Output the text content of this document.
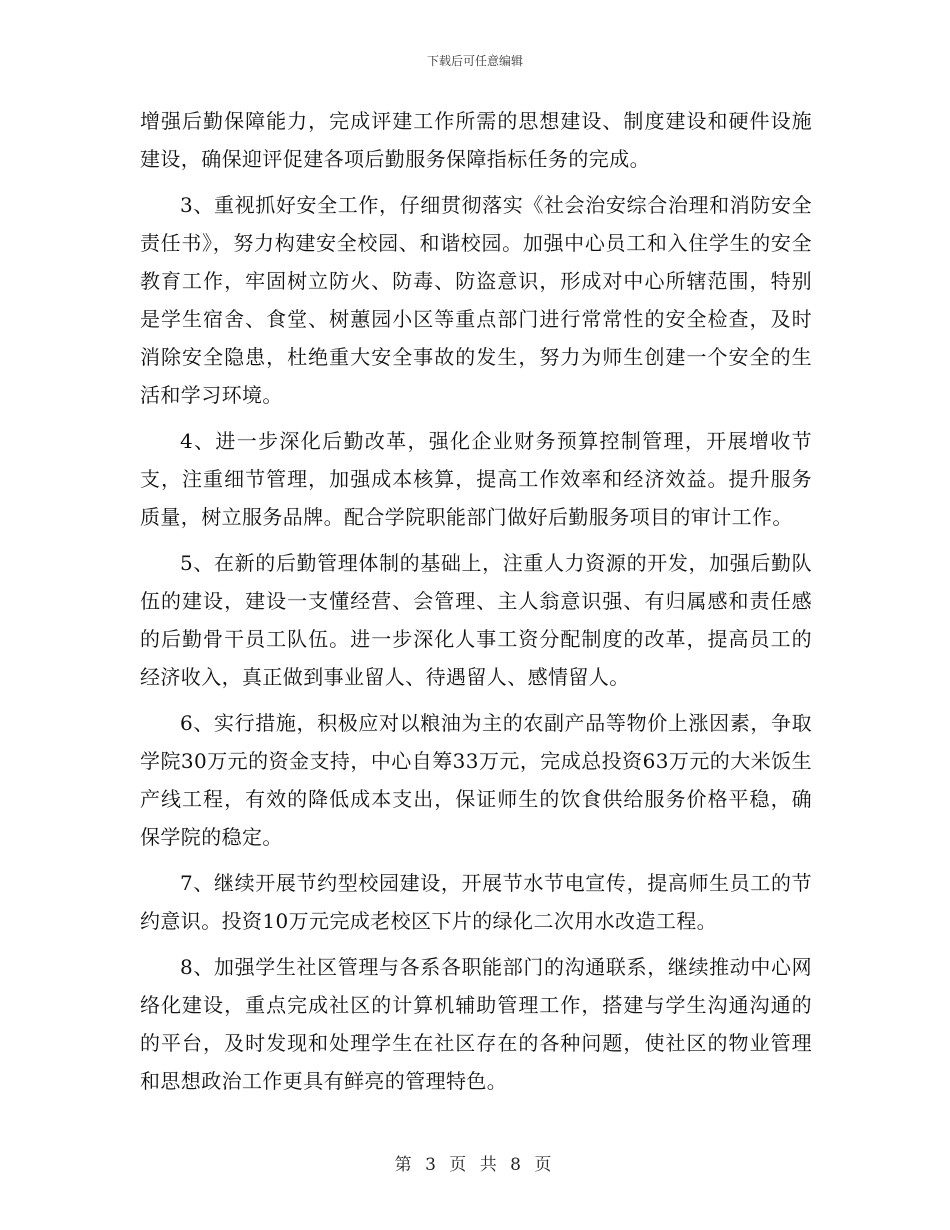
下载后可任意编辑

增强后勤保障能力，完成评建工作所需的思想建设、制度建设和硬件设施建设，确保迎评促建各项后勤服务保障指标任务的完成。

3、重视抓好安全工作，仔细贯彻落实《社会治安综合治理和消防安全责任书》，努力构建安全校园、和谐校园。加强中心员工和入住学生的安全教育工作，牢固树立防火、防毒、防盗意识，形成对中心所辖范围，特别是学生宿舍、食堂、树蕙园小区等重点部门进行常常性的安全检查，及时消除安全隐患，杜绝重大安全事故的发生，努力为师生创建一个安全的生活和学习环境。

4、进一步深化后勤改革，强化企业财务预算控制管理，开展增收节支，注重细节管理，加强成本核算，提高工作效率和经济效益。提升服务质量，树立服务品牌。配合学院职能部门做好后勤服务项目的审计工作。

5、在新的后勤管理体制的基础上，注重人力资源的开发，加强后勤队伍的建设，建设一支懂经营、会管理、主人翁意识强、有归属感和责任感的后勤骨干员工队伍。进一步深化人事工资分配制度的改革，提高员工的经济收入，真正做到事业留人、待遇留人、感情留人。

6、实行措施，积极应对以粮油为主的农副产品等物价上涨因素，争取学院30万元的资金支持，中心自筹33万元，完成总投资63万元的大米饭生产线工程，有效的降低成本支出，保证师生的饮食供给服务价格平稳，确保学院的稳定。

7、继续开展节约型校园建设，开展节水节电宣传，提高师生员工的节约意识。投资10万元完成老校区下片的绿化二次用水改造工程。

8、加强学生社区管理与各系各职能部门的沟通联系，继续推动中心网络化建设，重点完成社区的计算机辅助管理工作，搭建与学生沟通沟通的的平台，及时发现和处理学生在社区存在的各种问题，使社区的物业管理和思想政治工作更具有鲜亮的管理特色。

第 3 页 共 8 页
